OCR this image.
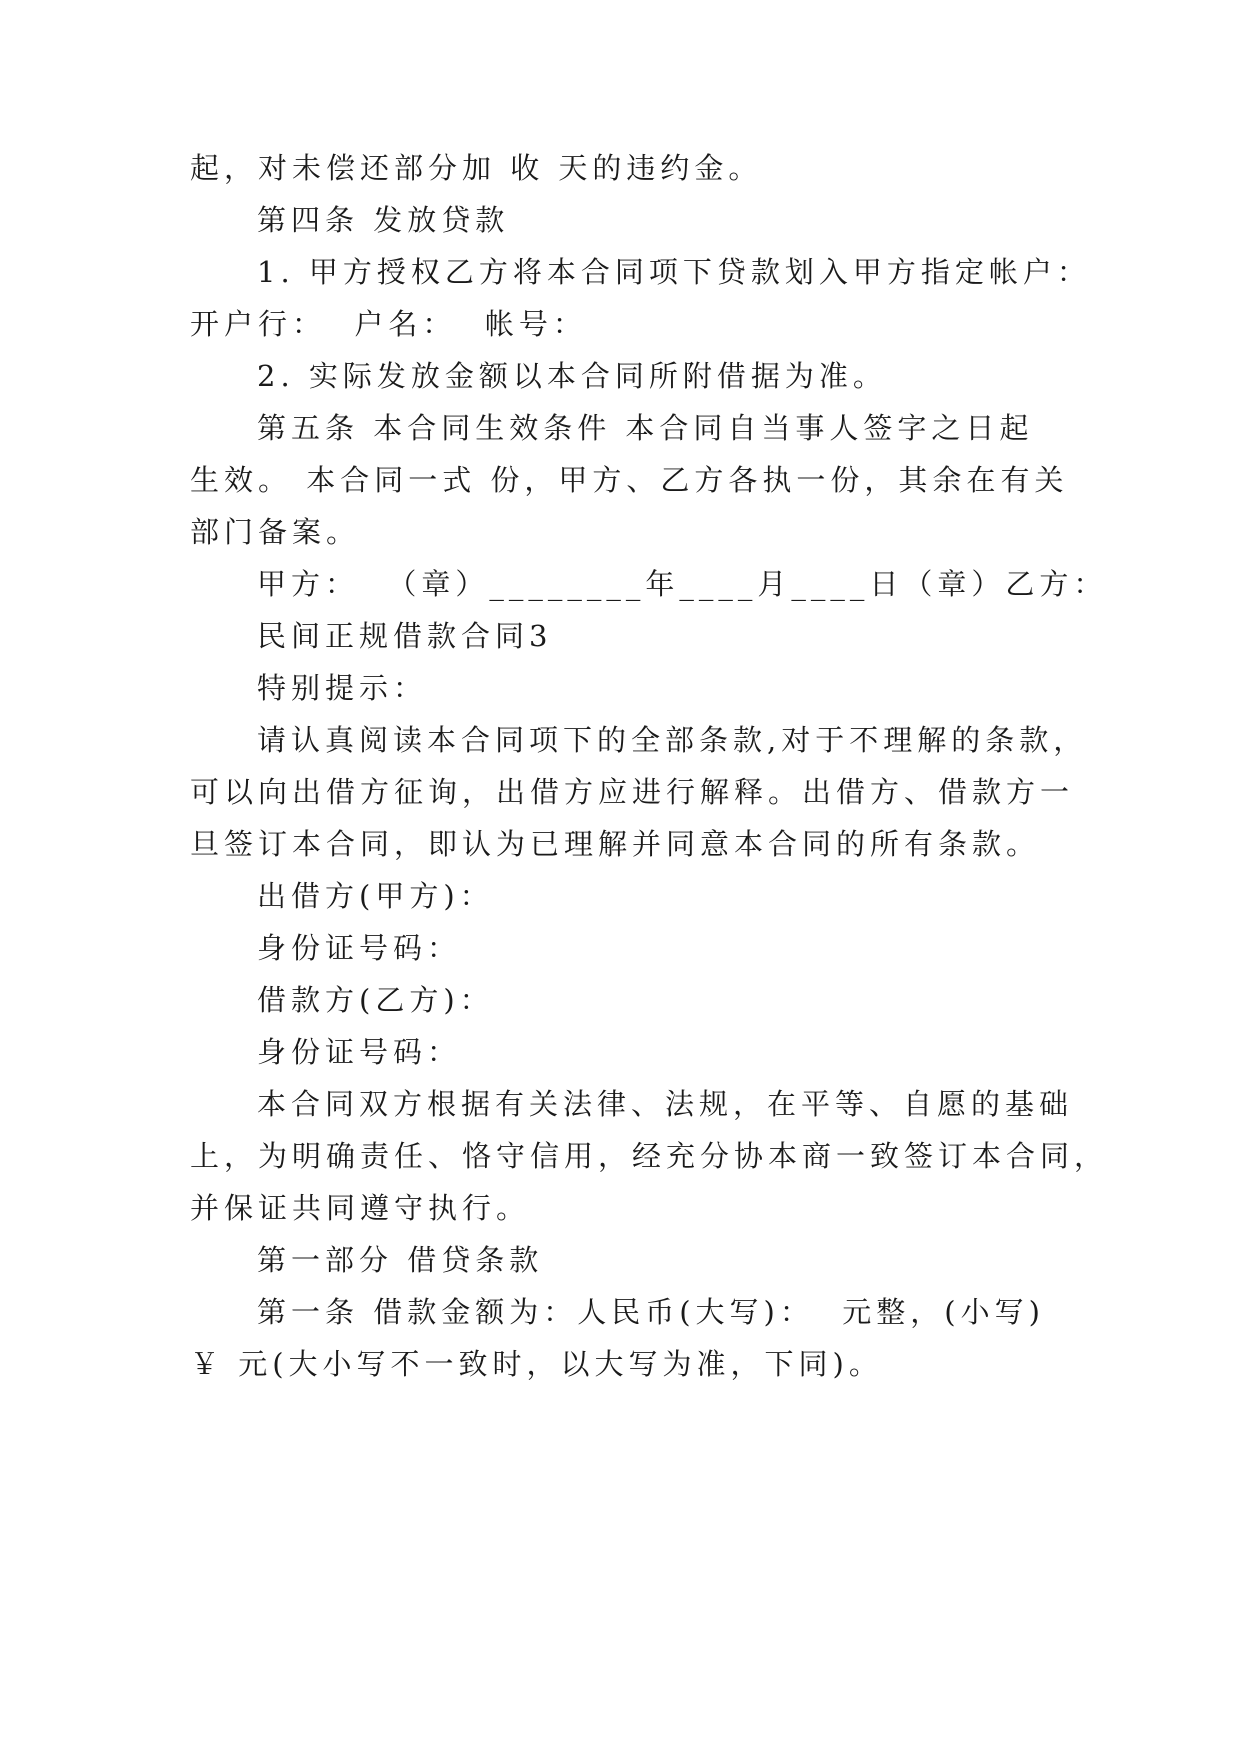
起，对未偿还部分加 收 天的违约金。
第四条 发放贷款
1. 甲方授权乙方将本合同项下贷款划入甲方指定帐户：
开户行：  户名：  帐号：
2. 实际发放金额以本合同所附借据为准。
第五条 本合同生效条件 本合同自当事人签字之日起
生效。 本合同一式 份，甲方、乙方各执一份，其余在有关
部门备案。
甲方：  （章）________年____月____日（章）乙方：
民间正规借款合同3
特别提示：
请认真阅读本合同项下的全部条款,对于不理解的条款，
可以向出借方征询，出借方应进行解释。出借方、借款方一
旦签订本合同，即认为已理解并同意本合同的所有条款。
出借方(甲方)：
身份证号码：
借款方(乙方)：
身份证号码：
本合同双方根据有关法律、法规，在平等、自愿的基础
上，为明确责任、恪守信用，经充分协本商一致签订本合同，
并保证共同遵守执行。
第一部分 借贷条款
第一条 借款金额为：人民币(大写)：  元整，(小写)
￥ 元(大小写不一致时，以大写为准，下同)。
